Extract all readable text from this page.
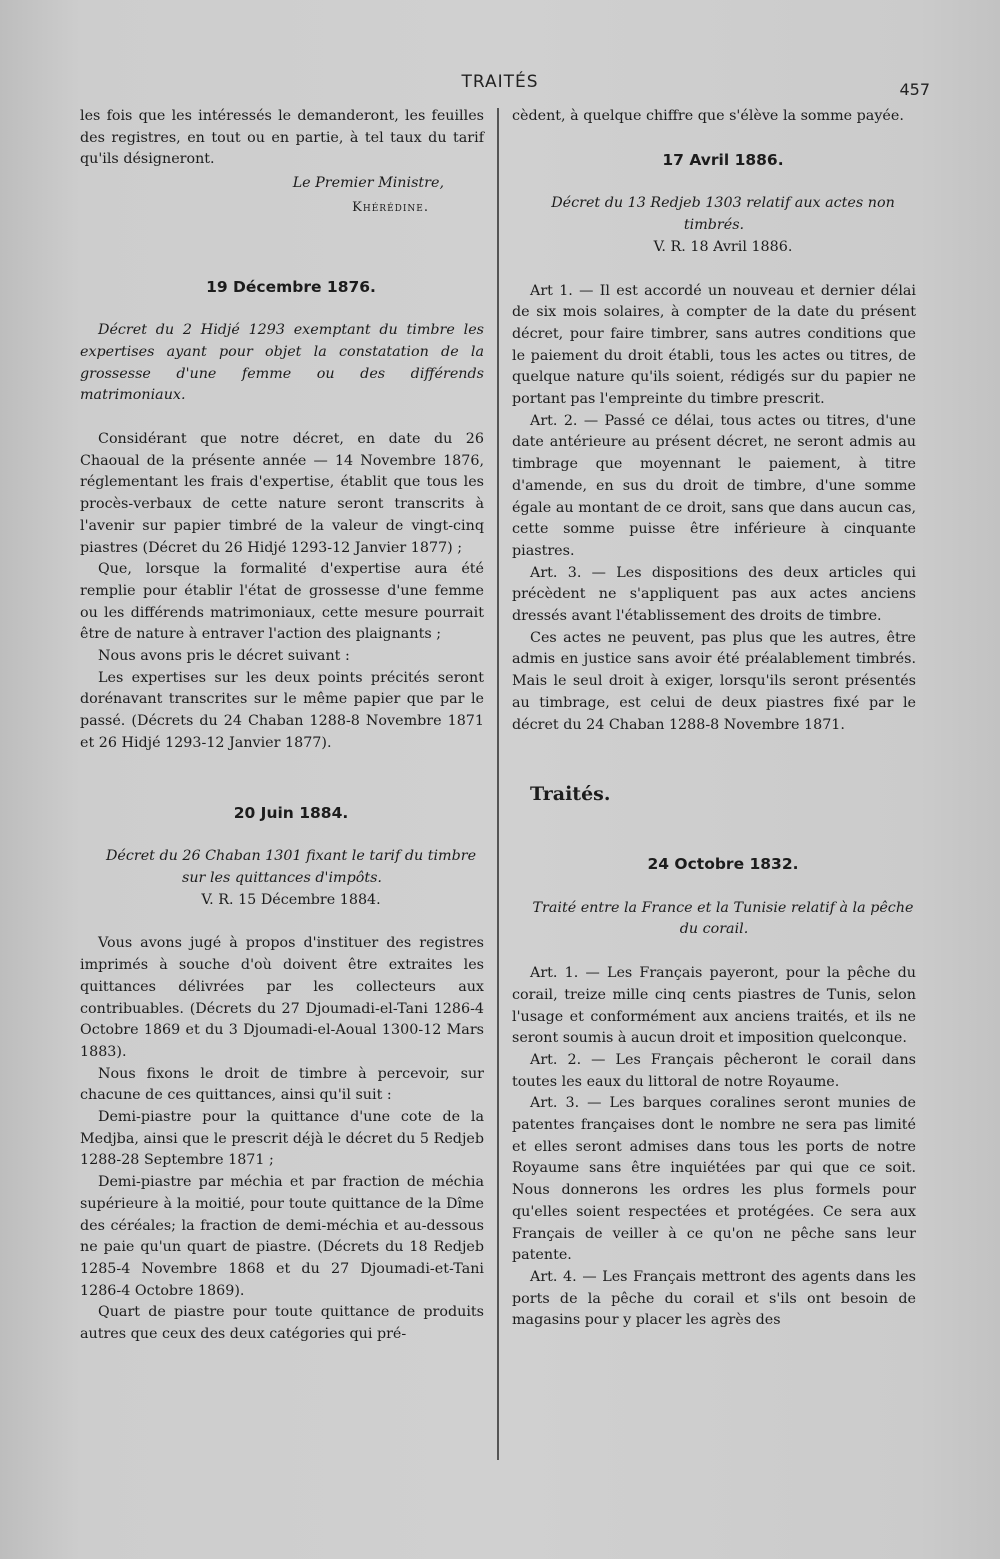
TRAITÉS	457

les fois que les intéressés le demanderont, les feuilles des registres, en tout ou en partie, à tel taux du tarif qu'ils désigneront.

Le Premier Ministre,
Khérédine.

19 Décembre 1876.

Décret du 2 Hidjé 1293 exemptant du timbre les expertises ayant pour objet la constatation de la grossesse d'une femme ou des différends matrimoniaux.

Considérant que notre décret, en date du 26 Chaoual de la présente année — 14 Novembre 1876, réglementant les frais d'expertise, établit que tous les procès-verbaux de cette nature seront transcrits à l'avenir sur papier timbré de la valeur de vingt-cinq piastres (Décret du 26 Hidjé 1293-12 Janvier 1877) ;

Que, lorsque la formalité d'expertise aura été remplie pour établir l'état de grossesse d'une femme ou les différends matrimoniaux, cette mesure pourrait être de nature à entraver l'action des plaignants ;

Nous avons pris le décret suivant :

Les expertises sur les deux points précités seront dorénavant transcrites sur le même papier que par le passé. (Décrets du 24 Chaban 1288-8 Novembre 1871 et 26 Hidjé 1293-12 Janvier 1877).

20 Juin 1884.

Décret du 26 Chaban 1301 fixant le tarif du timbre sur les quittances d'impôts.

V. R. 15 Décembre 1884.

Vous avons jugé à propos d'instituer des registres imprimés à souche d'où doivent être extraites les quittances délivrées par les collecteurs aux contribuables. (Décrets du 27 Djoumadi-el-Tani 1286-4 Octobre 1869 et du 3 Djoumadi-el-Aoual 1300-12 Mars 1883).

Nous fixons le droit de timbre à percevoir, sur chacune de ces quittances, ainsi qu'il suit :

Demi-piastre pour la quittance d'une cote de la Medjba, ainsi que le prescrit déjà le décret du 5 Redjeb 1288-28 Septembre 1871 ;

Demi-piastre par méchia et par fraction de méchia supérieure à la moitié, pour toute quittance de la Dîme des céréales; la fraction de demi-méchia et au-dessous ne paie qu'un quart de piastre. (Décrets du 18 Redjeb 1285-4 Novembre 1868 et du 27 Djoumadi-et-Tani 1286-4 Octobre 1869).

Quart de piastre pour toute quittance de produits autres que ceux des deux catégories qui pré-

cèdent, à quelque chiffre que s'élève la somme payée.

17 Avril 1886.

Décret du 13 Redjeb 1303 relatif aux actes non timbrés.

V. R. 18 Avril 1886.

Art 1. — Il est accordé un nouveau et dernier délai de six mois solaires, à compter de la date du présent décret, pour faire timbrer, sans autres conditions que le paiement du droit établi, tous les actes ou titres, de quelque nature qu'ils soient, rédigés sur du papier ne portant pas l'empreinte du timbre prescrit.

Art. 2. — Passé ce délai, tous actes ou titres, d'une date antérieure au présent décret, ne seront admis au timbrage que moyennant le paiement, à titre d'amende, en sus du droit de timbre, d'une somme égale au montant de ce droit, sans que dans aucun cas, cette somme puisse être inférieure à cinquante piastres.

Art. 3. — Les dispositions des deux articles qui précèdent ne s'appliquent pas aux actes anciens dressés avant l'établissement des droits de timbre.

Ces actes ne peuvent, pas plus que les autres, être admis en justice sans avoir été préalablement timbrés. Mais le seul droit à exiger, lorsqu'ils seront présentés au timbrage, est celui de deux piastres fixé par le décret du 24 Chaban 1288-8 Novembre 1871.

Traités.

24 Octobre 1832.

Traité entre la France et la Tunisie relatif à la pêche du corail.

Art. 1. — Les Français payeront, pour la pêche du corail, treize mille cinq cents piastres de Tunis, selon l'usage et conformément aux anciens traités, et ils ne seront soumis à aucun droit et imposition quelconque.

Art. 2. — Les Français pêcheront le corail dans toutes les eaux du littoral de notre Royaume.

Art. 3. — Les barques coralines seront munies de patentes françaises dont le nombre ne sera pas limité et elles seront admises dans tous les ports de notre Royaume sans être inquiétées par qui que ce soit. Nous donnerons les ordres les plus formels pour qu'elles soient respectées et protégées. Ce sera aux Français de veiller à ce qu'on ne pêche sans leur patente.

Art. 4. — Les Français mettront des agents dans les ports de la pêche du corail et s'ils ont besoin de magasins pour y placer les agrès des
